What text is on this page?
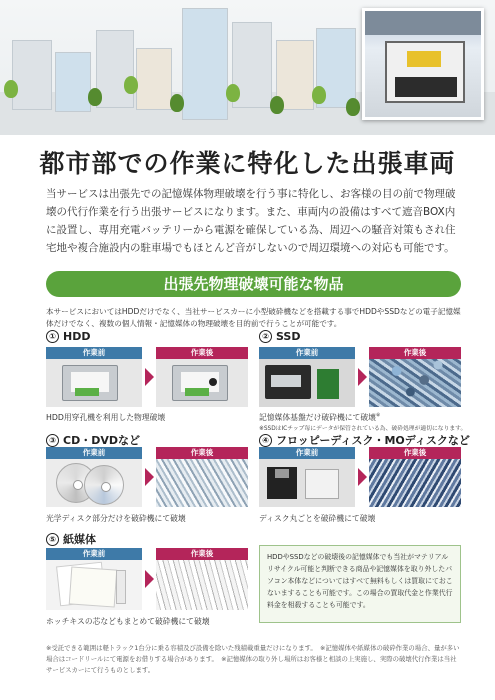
都市部での作業に特化した出張車両
当サービスは出張先での記憶媒体物理破壊を行う事に特化し、お客様の目の前で物理破壊の代行作業を行う出張サービスになります。また、車両内の設備はすべて遮音BOX内に設置し、専用充電バッテリーから電源を確保している為、周辺への騒音対策もされ住宅地や複合施設内の駐車場でもほとんど音がしないので周辺環境への対応も可能です。
出張先物理破壊可能な物品
本サービスにおいてはHDDだけでなく、当社サービスカーに小型破砕機などを搭載する事でHDDやSSDなどの電子記憶媒体だけでなく、複数の個人情報・記憶媒体の物理破壊を目的前で行うことが可能です。
① HDD
作業前	作業後
HDD用穿孔機を利用した物理破壊
② SSD
作業前	作業後
記憶媒体基盤だけ破砕機にて破壊※
※SSDはICチップ毎にデータが保管されている為、破砕処理が適切になります。
③ CD・DVDなど
作業前	作業後
光学ディスク部分だけを破砕機にて破壊
④ フロッピーディスク・MOディスクなど
作業前	作業後
ディスク丸ごとを破砕機にて破壊
⑤ 紙媒体
作業前	作業後
ホッチキスの芯などもまとめて破砕機にて破壊
HDDやSSDなどの破壊後の記憶媒体でも当社がマテリアルリサイクル可能と判断できる商品や記憶媒体を取り外したパソコン本体などについてはすべて無料もしくは買取にておこないますることも可能です。この場合の買取代金と作業代行料金を相殺することも可能です。
※受託できる範囲は軽トラック1台分に乗る容積及び設備を除いた残積載重量だけになります。　※記憶媒体や紙媒体の破砕作業の場合、量が多い場合はコードリールにて電源をお借りする場合があります。　※記憶媒体の取り外し場所はお客様と相談の上実施し、実際の破壊代行作業は当社サービスカーにて行うものとします。
